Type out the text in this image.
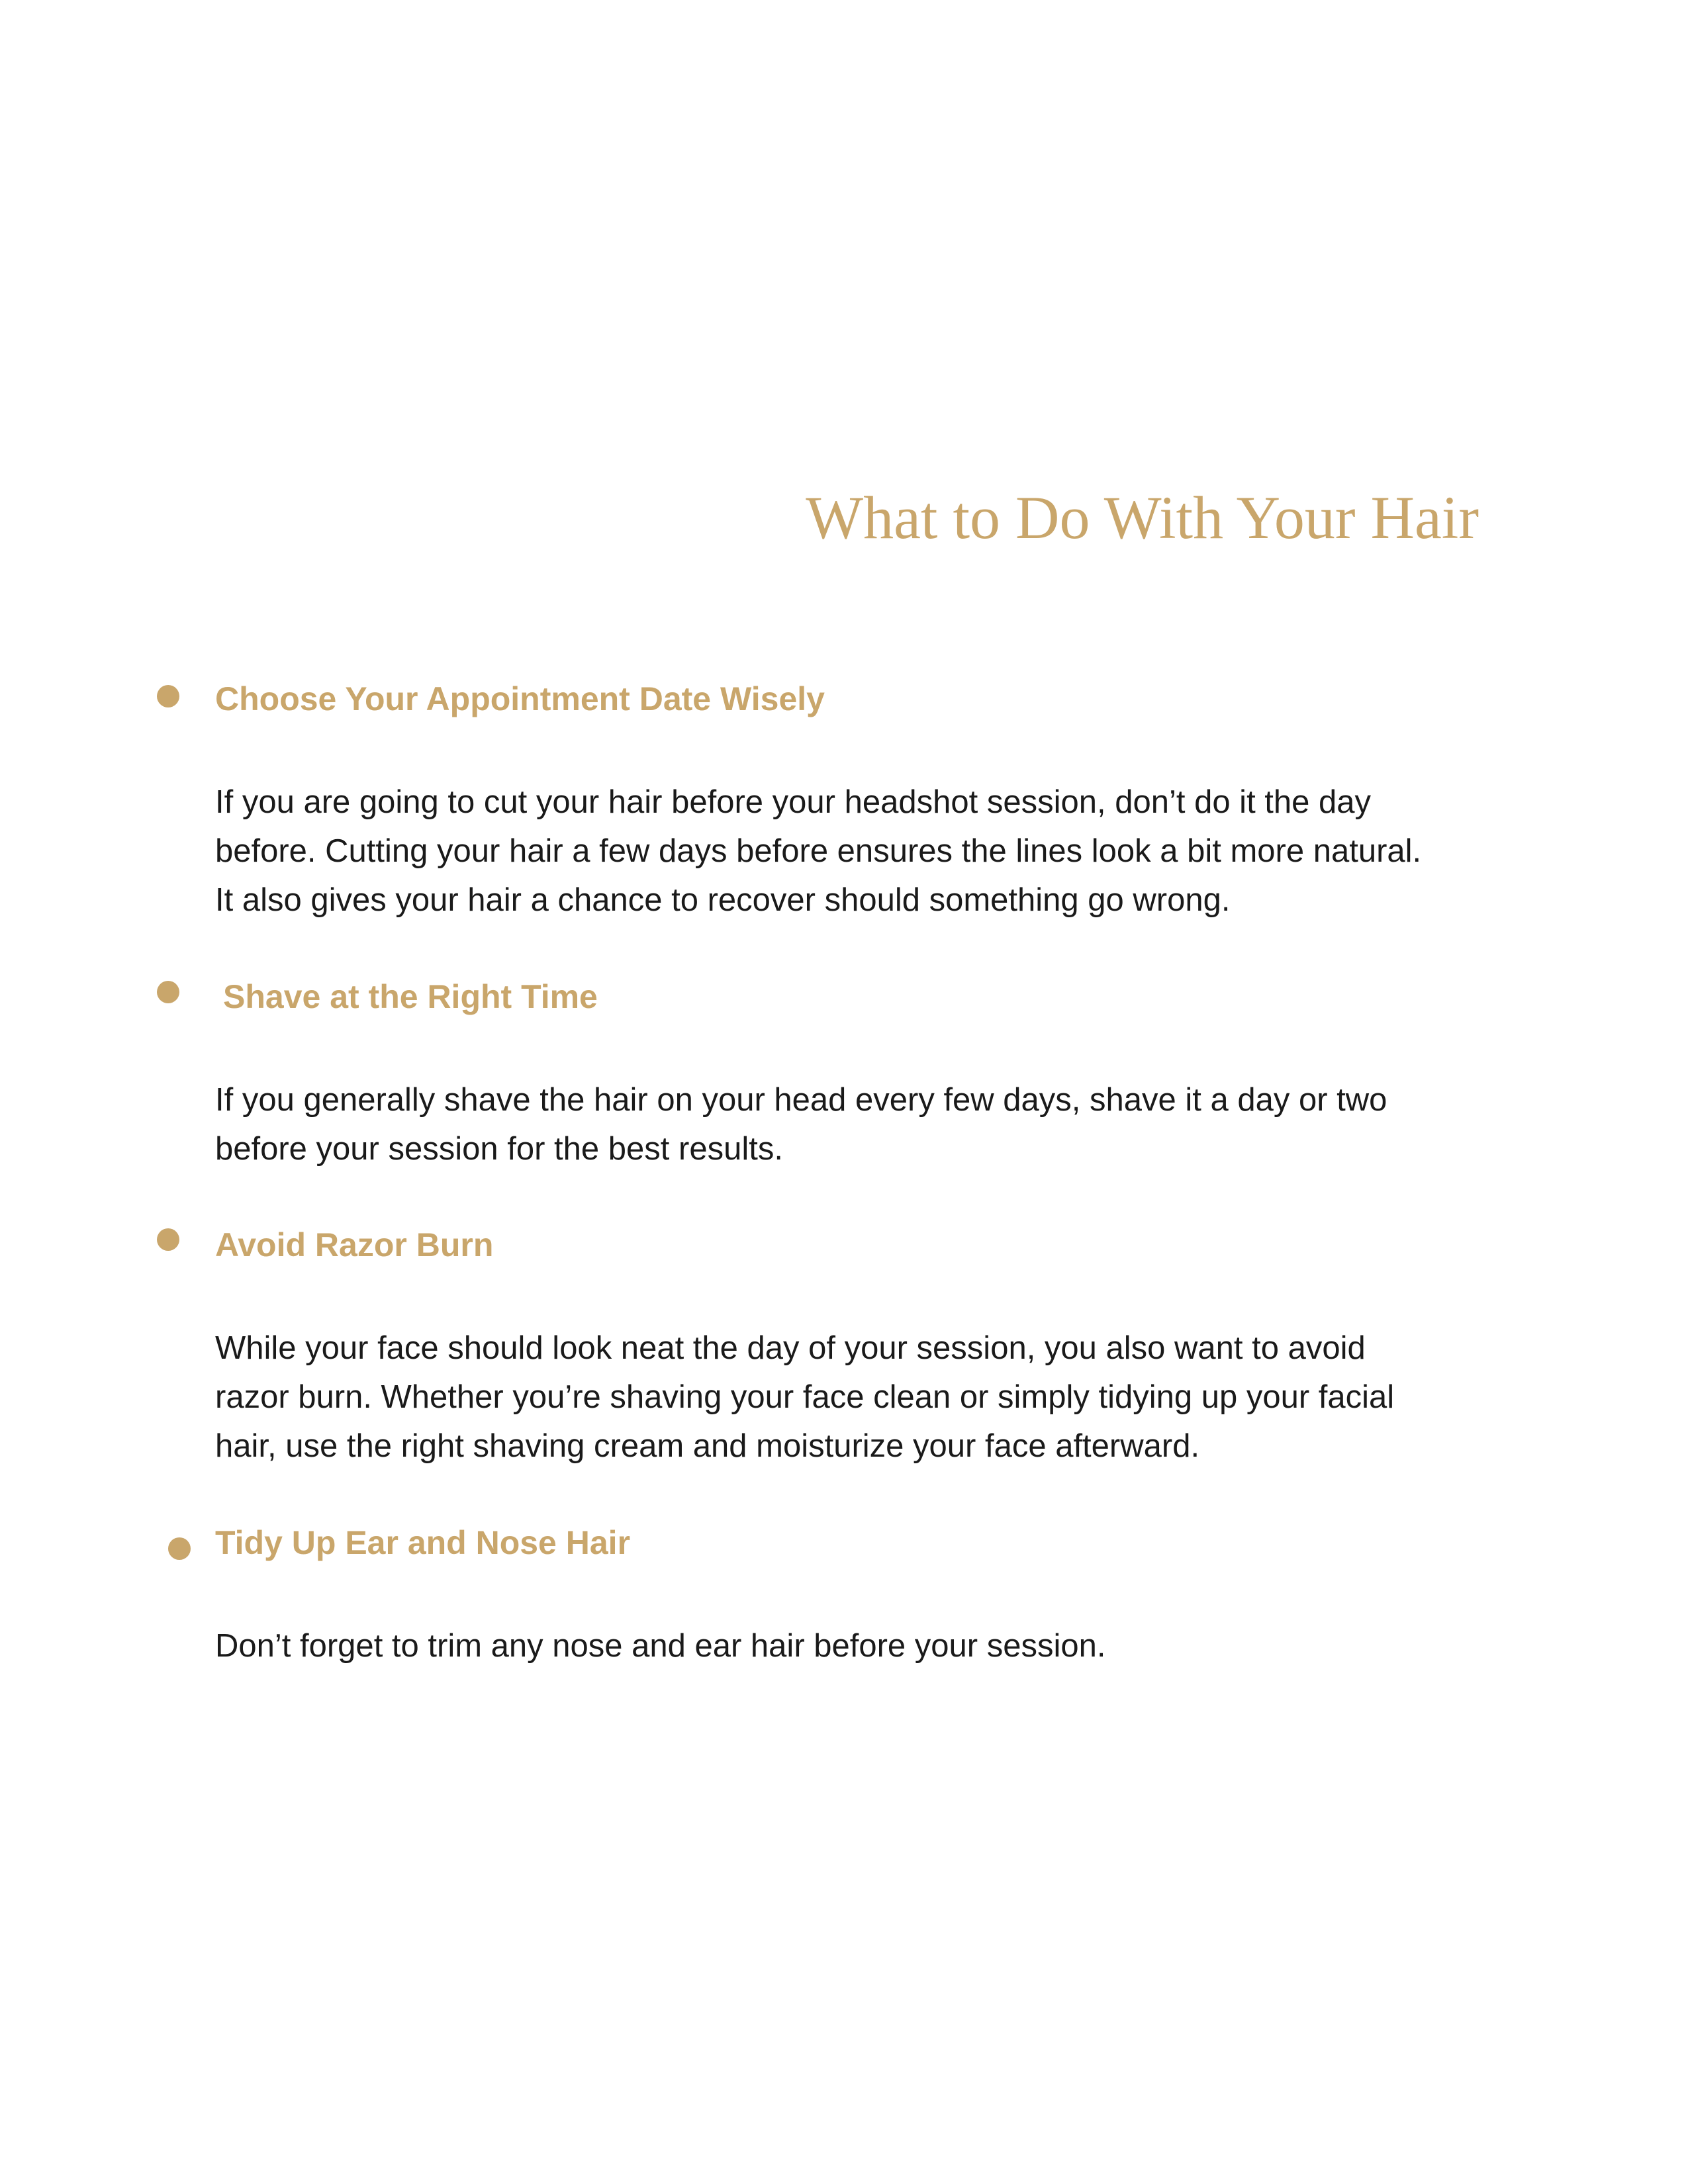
What to Do With Your Hair
Choose Your Appointment Date Wisely

If you are going to cut your hair before your headshot session, don’t do it the day
before. Cutting your hair a few days before ensures the lines look a bit more natural.
It also gives your hair a chance to recover should something go wrong.

Shave at the Right Time

If you generally shave the hair on your head every few days, shave it a day or two
before your session for the best results.

Avoid Razor Burn

While your face should look neat the day of your session, you also want to avoid
razor burn. Whether you’re shaving your face clean or simply tidying up your facial
hair, use the right shaving cream and moisturize your face afterward.

Tidy Up Ear and Nose Hair

Don’t forget to trim any nose and ear hair before your session.
